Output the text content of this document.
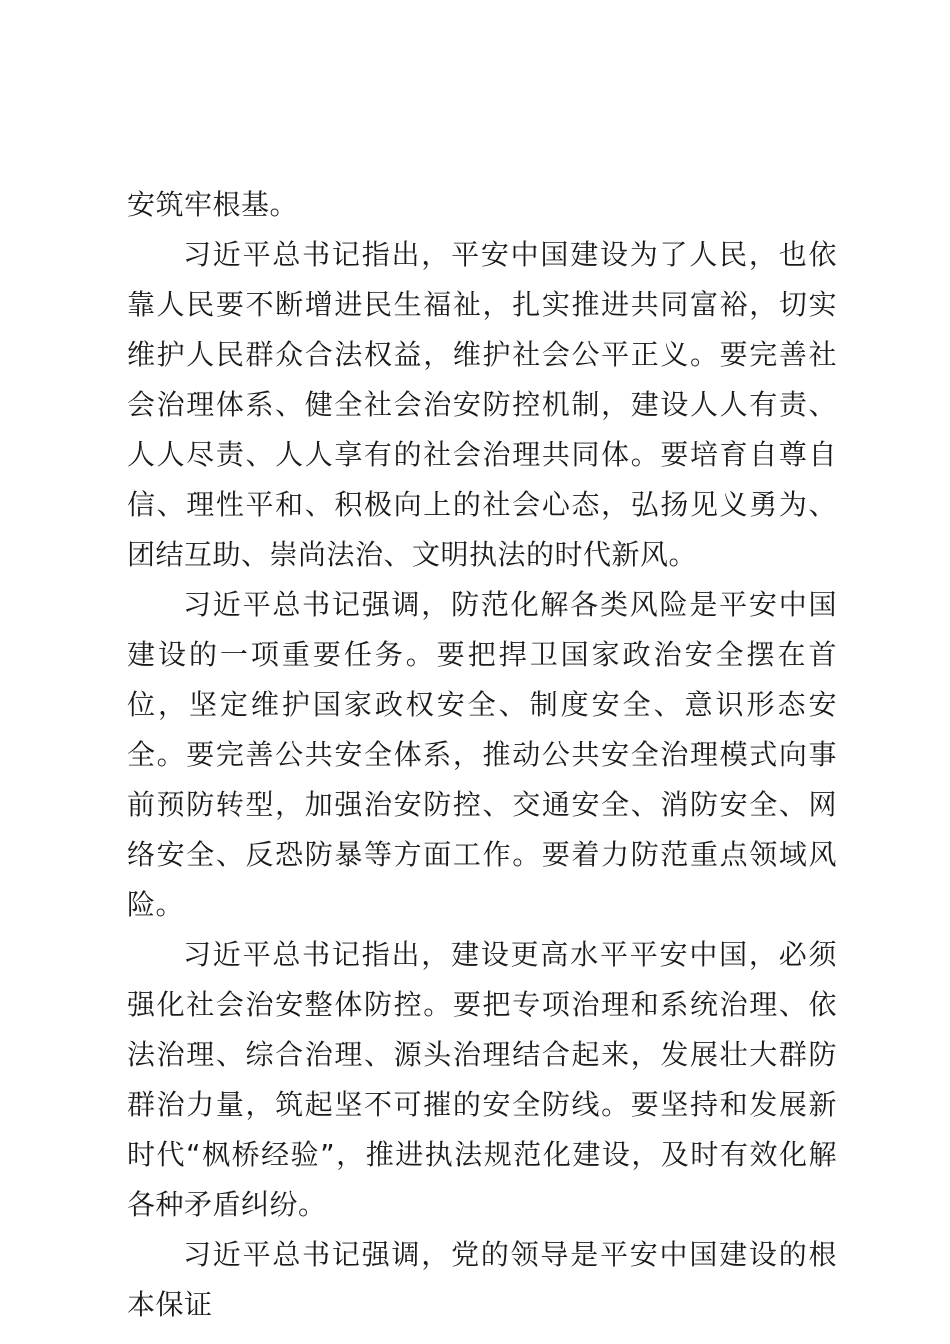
安筑牢根基。

习近平总书记指出，平安中国建设为了人民，也依靠人民要不断增进民生福祉，扎实推进共同富裕，切实维护人民群众合法权益，维护社会公平正义。要完善社会治理体系、健全社会治安防控机制，建设人人有责、人人尽责、人人享有的社会治理共同体。要培育自尊自信、理性平和、积极向上的社会心态，弘扬见义勇为、团结互助、崇尚法治、文明执法的时代新风。

习近平总书记强调，防范化解各类风险是平安中国建设的一项重要任务。要把捍卫国家政治安全摆在首位，坚定维护国家政权安全、制度安全、意识形态安全。要完善公共安全体系，推动公共安全治理模式向事前预防转型，加强治安防控、交通安全、消防安全、网络安全、反恐防暴等方面工作。要着力防范重点领域风险。

习近平总书记指出，建设更高水平平安中国，必须强化社会治安整体防控。要把专项治理和系统治理、依法治理、综合治理、源头治理结合起来，发展壮大群防群治力量，筑起坚不可摧的安全防线。要坚持和发展新时代“枫桥经验”，推进执法规范化建设，及时有效化解各种矛盾纠纷。

习近平总书记强调，党的领导是平安中国建设的根本保证
